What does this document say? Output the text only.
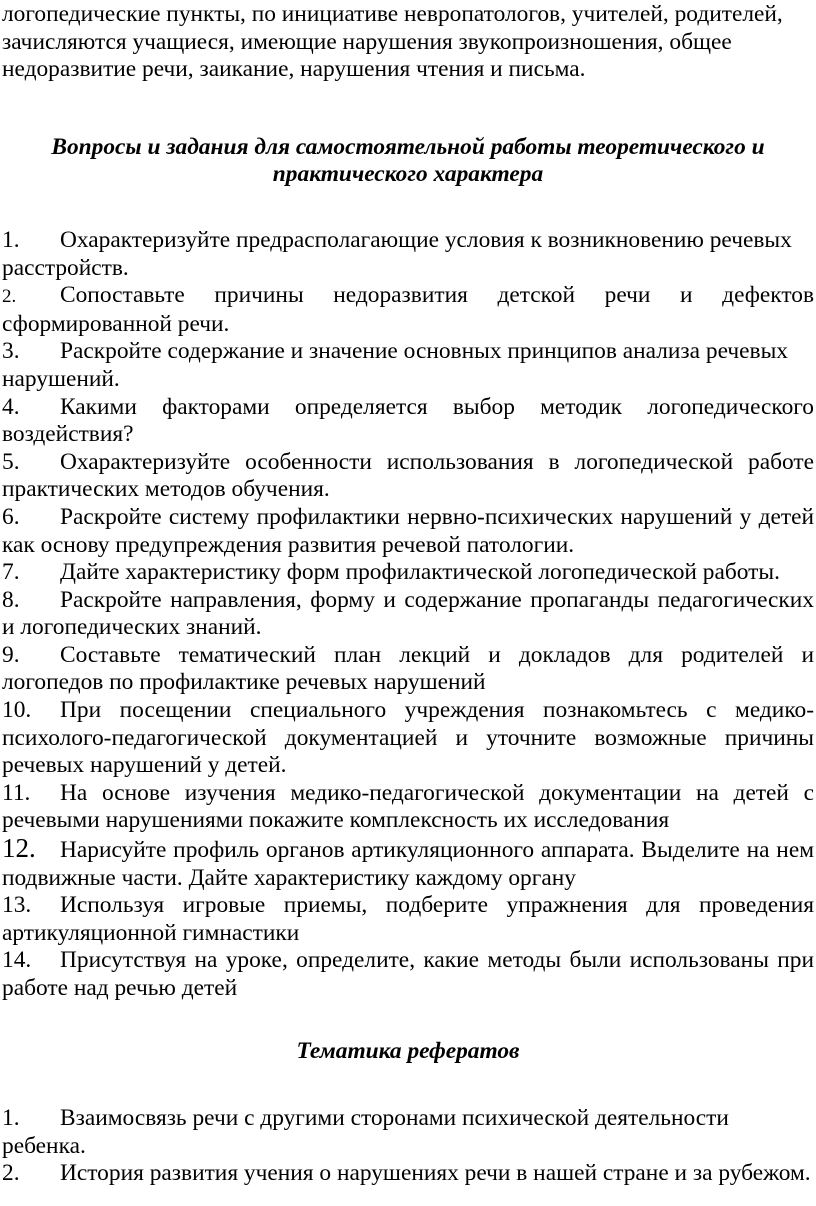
логопедические пункты, по инициативе невропатологов, учителей, родителей, зачисляются учащиеся, имеющие нарушения звукопроизношения, общее недоразвитие речи, заикание, нарушения чтения и письма.

Вопросы и задания для самостоятельной работы теоретического и практического характера

1. Охарактеризуйте предрасполагающие условия к возникновению речевых расстройств.
2. Сопоставьте причины недоразвития детской речи и дефектов сформированной речи.
3. Раскройте содержание и значение основных принципов анализа речевых нарушений.
4. Какими факторами определяется выбор методик логопедического воздействия?
5. Охарактеризуйте особенности использования в логопедической работе практических методов обучения.
6. Раскройте систему профилактики нервно-психических нарушений у детей как основу предупреждения развития речевой патологии.
7. Дайте характеристику форм профилактической логопедической работы.
8. Раскройте направления, форму и содержание пропаганды педагогических и логопедических знаний.
9. Составьте тематический план лекций и докладов для родителей и логопедов по профилактике речевых нарушений
10. При посещении специального учреждения познакомьтесь с медико-психолого-педагогической документацией и уточните возможные причины речевых нарушений у детей.
11. На основе изучения медико-педагогической документации на детей с речевыми нарушениями покажите комплексность их исследования
12. Нарисуйте профиль органов артикуляционного аппарата. Выделите на нем подвижные части. Дайте характеристику каждому органу
13. Используя игровые приемы, подберите упражнения для проведения артикуляционной гимнастики
14. Присутствуя на уроке, определите, какие методы были использованы при работе над речью детей

Тематика рефератов

1. Взаимосвязь речи с другими сторонами психической деятельности ребенка.
2. История развития учения о нарушениях речи в нашей стране и за рубежом.
